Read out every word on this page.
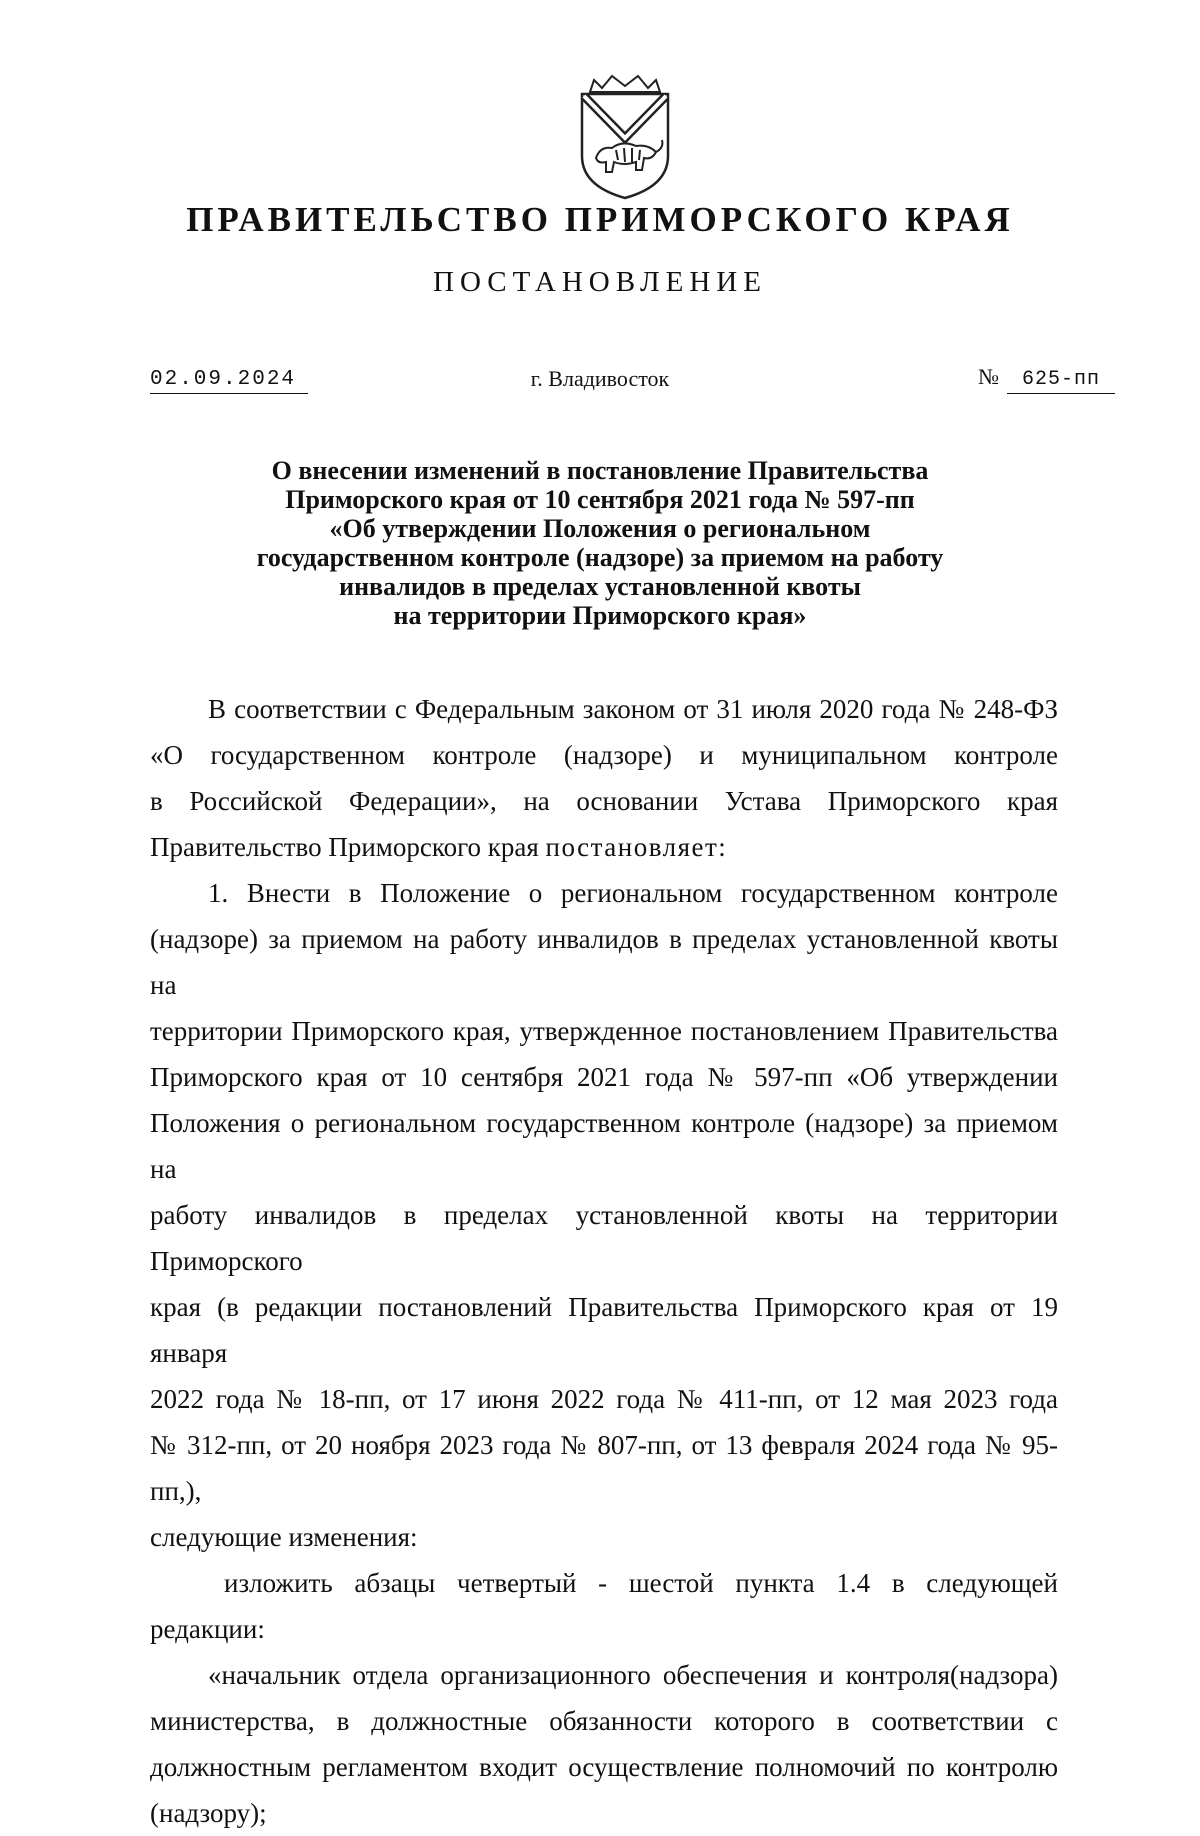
ПРАВИТЕЛЬСТВО ПРИМОРСКОГО КРАЯ
ПОСТАНОВЛЕНИЕ
02.09.2024	г. Владивосток	№ 625-пп
О внесении изменений в постановление Правительства
Приморского края от 10 сентября 2021 года № 597-пп
«Об утверждении Положения о региональном
государственном контроле (надзоре) за приемом на работу
инвалидов в пределах установленной квоты
на территории Приморского края»
В соответствии с Федеральным законом от 31 июля 2020 года № 248-ФЗ
«О государственном контроле (надзоре) и муниципальном контроле
в Российской Федерации», на основании Устава Приморского края
Правительство Приморского края постановляет:
1. Внести в Положение о региональном государственном контроле
(надзоре) за приемом на работу инвалидов в пределах установленной квоты на
территории Приморского края, утвержденное постановлением Правительства
Приморского края от 10 сентября 2021 года № 597-пп «Об утверждении
Положения о региональном государственном контроле (надзоре) за приемом на
работу инвалидов в пределах установленной квоты на территории Приморского
края (в редакции постановлений Правительства Приморского края от 19 января
2022 года № 18-пп, от 17 июня 2022 года № 411-пп, от 12 мая 2023 года
№ 312-пп, от 20 ноября 2023 года № 807-пп, от 13 февраля 2024 года № 95-пп,),
следующие изменения:
изложить абзацы четвертый - шестой пункта 1.4 в следующей редакции:
«начальник отдела организационного обеспечения и контроля(надзора)
министерства, в должностные обязанности которого в соответствии с
должностным регламентом входит осуществление полномочий по контролю
(надзору);
